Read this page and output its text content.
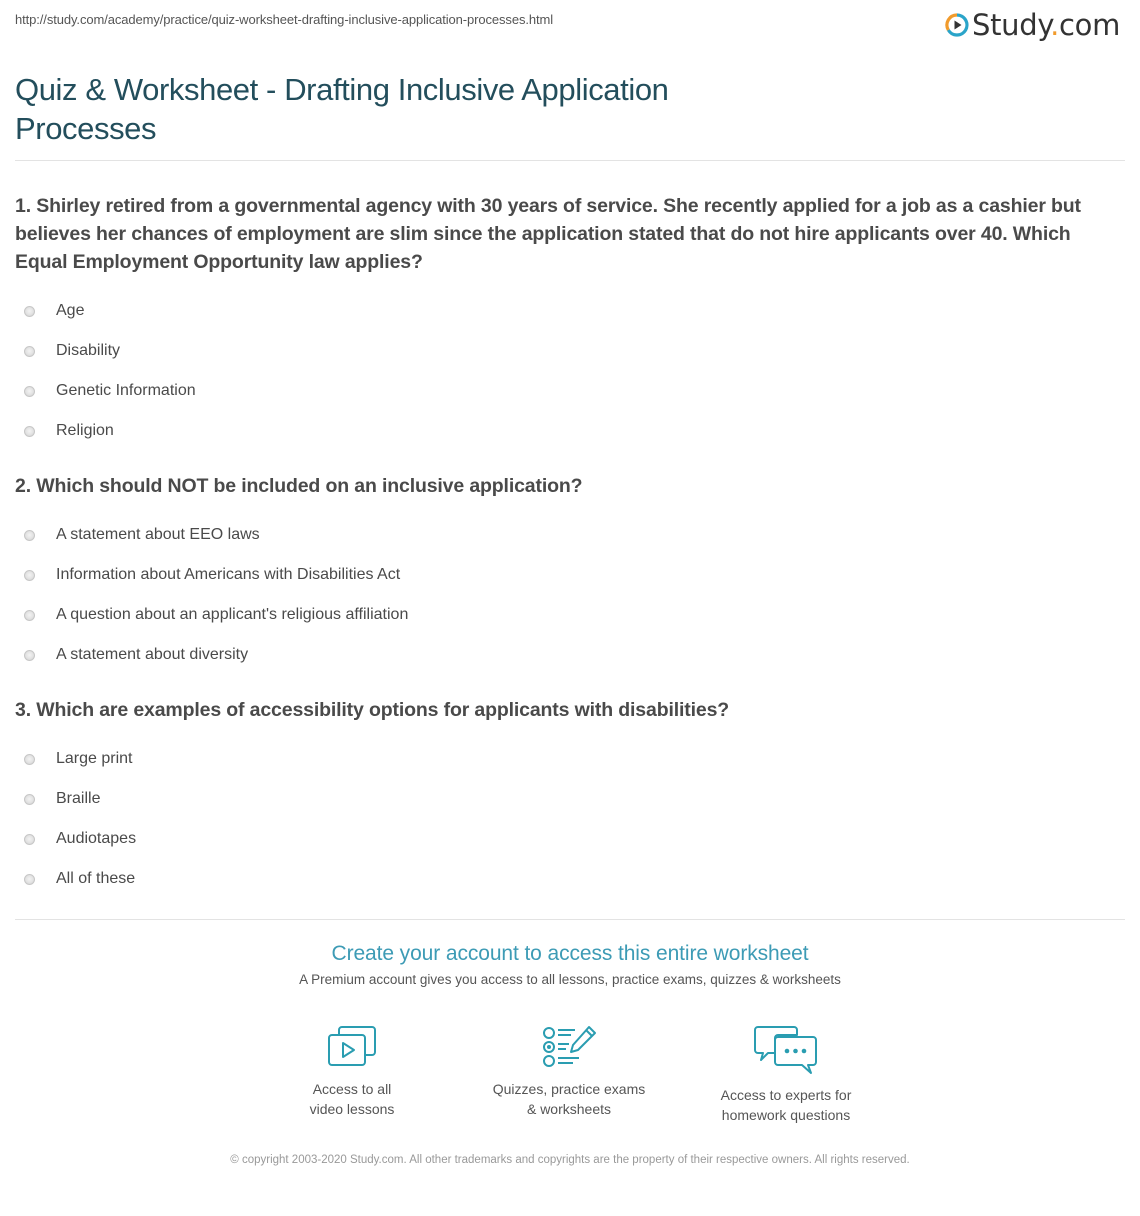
http://study.com/academy/practice/quiz-worksheet-drafting-inclusive-application-processes.html	Study.com
Quiz & Worksheet - Drafting Inclusive Application Processes
1. Shirley retired from a governmental agency with 30 years of service. She recently applied for a job as a cashier but believes her chances of employment are slim since the application stated that do not hire applicants over 40. Which Equal Employment Opportunity law applies?
Age
Disability
Genetic Information
Religion
2. Which should NOT be included on an inclusive application?
A statement about EEO laws
Information about Americans with Disabilities Act
A question about an applicant's religious affiliation
A statement about diversity
3. Which are examples of accessibility options for applicants with disabilities?
Large print
Braille
Audiotapes
All of these
Create your account to access this entire worksheet
A Premium account gives you access to all lessons, practice exams, quizzes & worksheets
Access to all
video lessons
Quizzes, practice exams
& worksheets
Access to experts for
homework questions
© copyright 2003-2020 Study.com. All other trademarks and copyrights are the property of their respective owners. All rights reserved.
